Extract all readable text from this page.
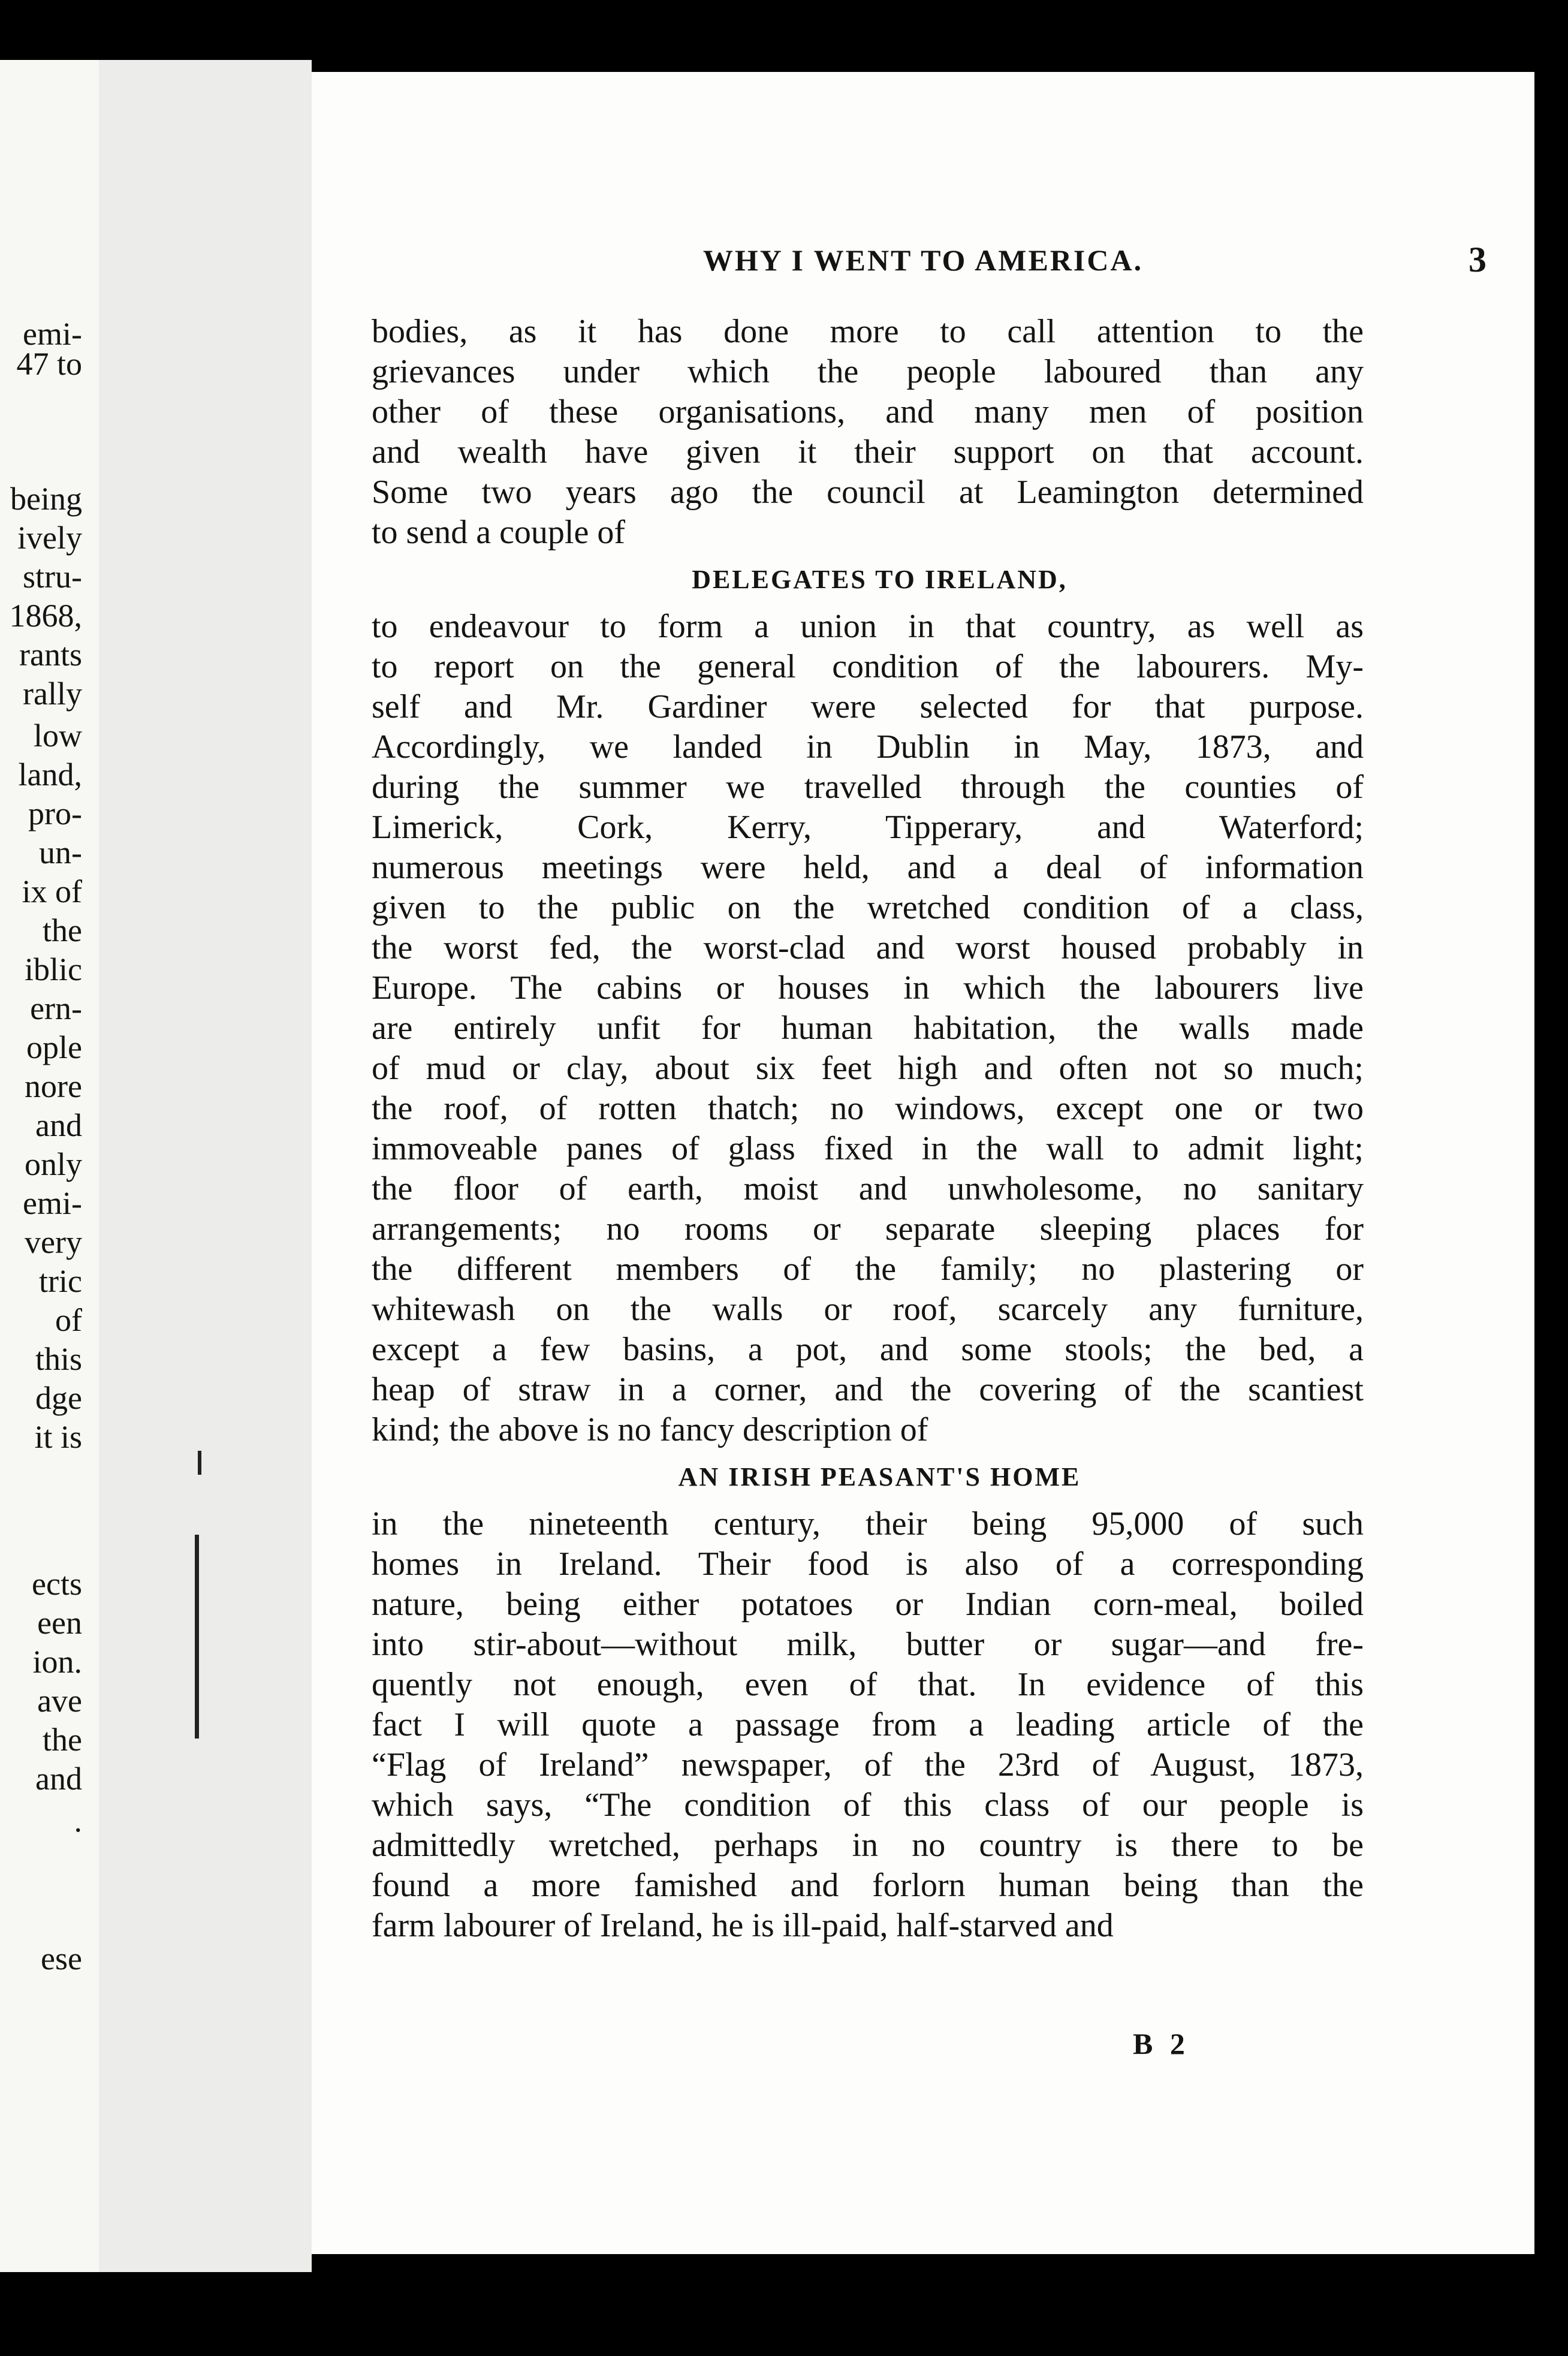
emi-
47 to
being
ively
stru-
1868,
rants
rally
low
land,
pro-
un-
ix of
the
iblic
ern-
ople
nore
and
only
emi-
very
tric
of
this
dge
it is
ects
een
ion.
ave
the
and
.
ese
WHY I WENT TO AMERICA.	3
bodies, as it has done more to call attention to the
grievances under which the people laboured than any
other of these organisations, and many men of position
and wealth have given it their support on that account.
Some two years ago the council at Leamington determined
to send a couple of
DELEGATES TO IRELAND,
to endeavour to form a union in that country, as well as
to report on the general condition of the labourers. My-
self and Mr. Gardiner were selected for that purpose.
Accordingly, we landed in Dublin in May, 1873, and
during the summer we travelled through the counties of
Limerick, Cork, Kerry, Tipperary, and Waterford;
numerous meetings were held, and a deal of information
given to the public on the wretched condition of a class,
the worst fed, the worst-clad and worst housed probably in
Europe. The cabins or houses in which the labourers live
are entirely unfit for human habitation, the walls made
of mud or clay, about six feet high and often not so much;
the roof, of rotten thatch; no windows, except one or two
immoveable panes of glass fixed in the wall to admit light;
the floor of earth, moist and unwholesome, no sanitary
arrangements; no rooms or separate sleeping places for
the different members of the family; no plastering or
whitewash on the walls or roof, scarcely any furniture,
except a few basins, a pot, and some stools; the bed, a
heap of straw in a corner, and the covering of the scantiest
kind; the above is no fancy description of
AN IRISH PEASANT'S HOME
in the nineteenth century, their being 95,000 of such
homes in Ireland. Their food is also of a corresponding
nature, being either potatoes or Indian corn-meal, boiled
into stir-about—without milk, butter or sugar—and fre-
quently not enough, even of that. In evidence of this
fact I will quote a passage from a leading article of the
“Flag of Ireland” newspaper, of the 23rd of August, 1873,
which says, “The condition of this class of our people is
admittedly wretched, perhaps in no country is there to be
found a more famished and forlorn human being than the
farm labourer of Ireland, he is ill-paid, half-starved and
B 2
